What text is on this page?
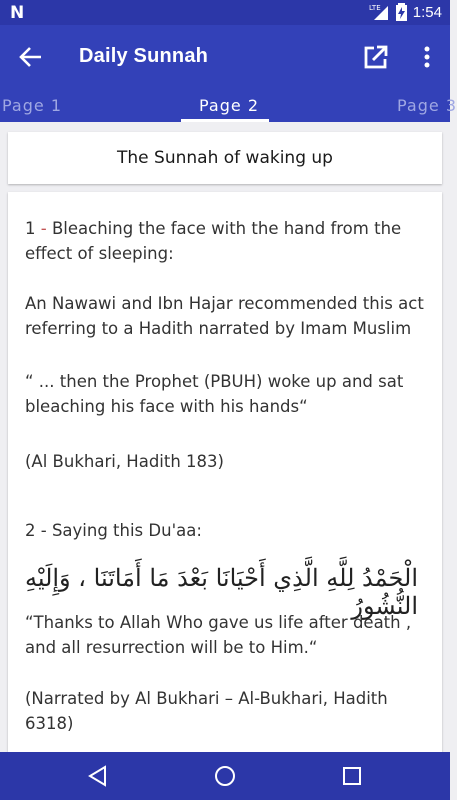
N	LTE 1:54
Daily Sunnah
Page 1	Page 2	Page 3
The Sunnah of waking up
1 - Bleaching the face with the hand from the effect of sleeping:
An Nawawi and Ibn Hajar recommended this act referring to a Hadith narrated by Imam Muslim
“ ... then the Prophet (PBUH) woke up and sat bleaching his face with his hands“
(Al Bukhari, Hadith 183)
2 - Saying this Du'aa:
الْحَمْدُ لِلَّهِ الَّذِي أَحْيَانَا بَعْدَ مَا أَمَاتَنَا ، وَإِلَيْهِ النُّشُورُ
“Thanks to Allah Who gave us life after death , and all resurrection will be to Him.“
(Narrated by Al Bukhari – Al-Bukhari, Hadith 6318)
